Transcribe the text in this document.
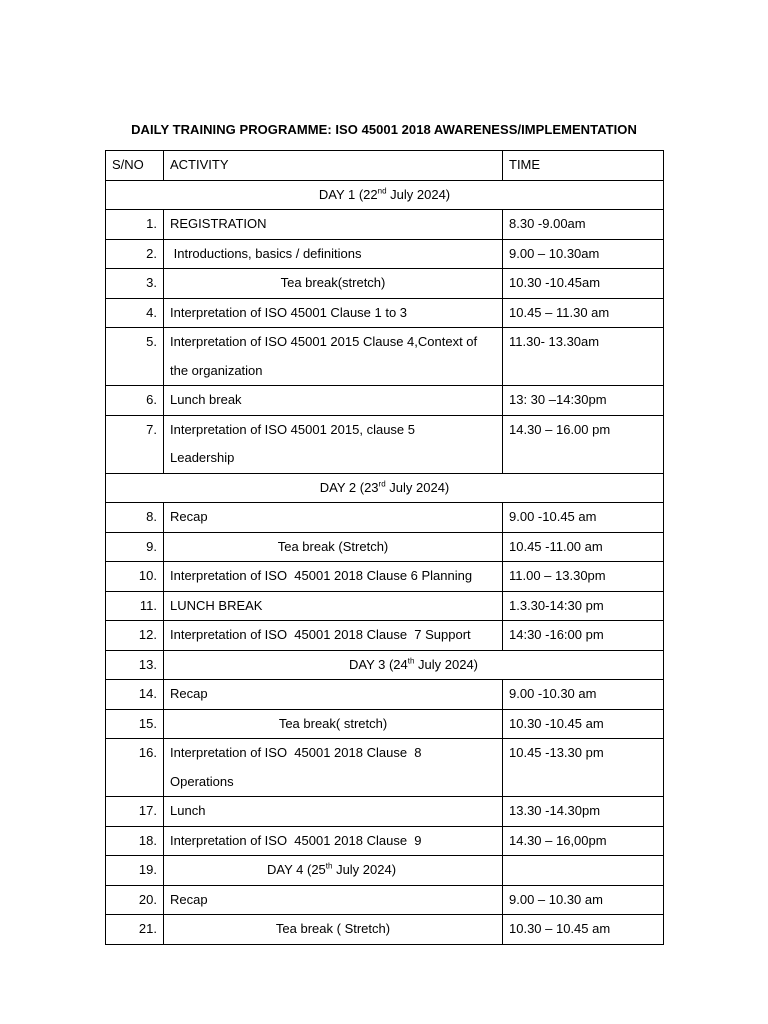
DAILY TRAINING PROGRAMME: ISO 45001 2018 AWARENESS/IMPLEMENTATION
S/NO	ACTIVITY	TIME
DAY 1 (22nd July 2024)		
1.	REGISTRATION	8.30 -9.00am
2.	Introductions, basics / definitions	9.00 – 10.30am
3.	Tea break(stretch)	10.30 -10.45am
4.	Interpretation of ISO 45001 Clause 1 to 3	10.45 – 11.30 am
5.	Interpretation of ISO 45001 2015 Clause 4,Context of
the organization	11.30- 13.30am
6.	Lunch break	13: 30 –14:30pm
7.	Interpretation of ISO 45001 2015, clause 5
Leadership	14.30 – 16.00 pm
DAY 2 (23rd July 2024)		
8.	Recap	9.00 -10.45 am
9.	Tea break (Stretch)	10.45 -11.00 am
10.	Interpretation of ISO  45001 2018 Clause 6 Planning	11.00 – 13.30pm
11.	LUNCH BREAK	1.3.30-14:30 pm
12.	Interpretation of ISO  45001 2018 Clause  7 Support	14:30 -16:00 pm
13.	DAY 3 (24th July 2024)	
14.	Recap	9.00 -10.30 am
15.	Tea break( stretch)	10.30 -10.45 am
16.	Interpretation of ISO  45001 2018 Clause  8
Operations	10.45 -13.30 pm
17.	Lunch	13.30 -14.30pm
18.	Interpretation of ISO  45001 2018 Clause  9	14.30 – 16,00pm
19.	DAY 4 (25th July 2024)	
20.	Recap	9.00 – 10.30 am
21.	Tea break ( Stretch)	10.30 – 10.45 am
